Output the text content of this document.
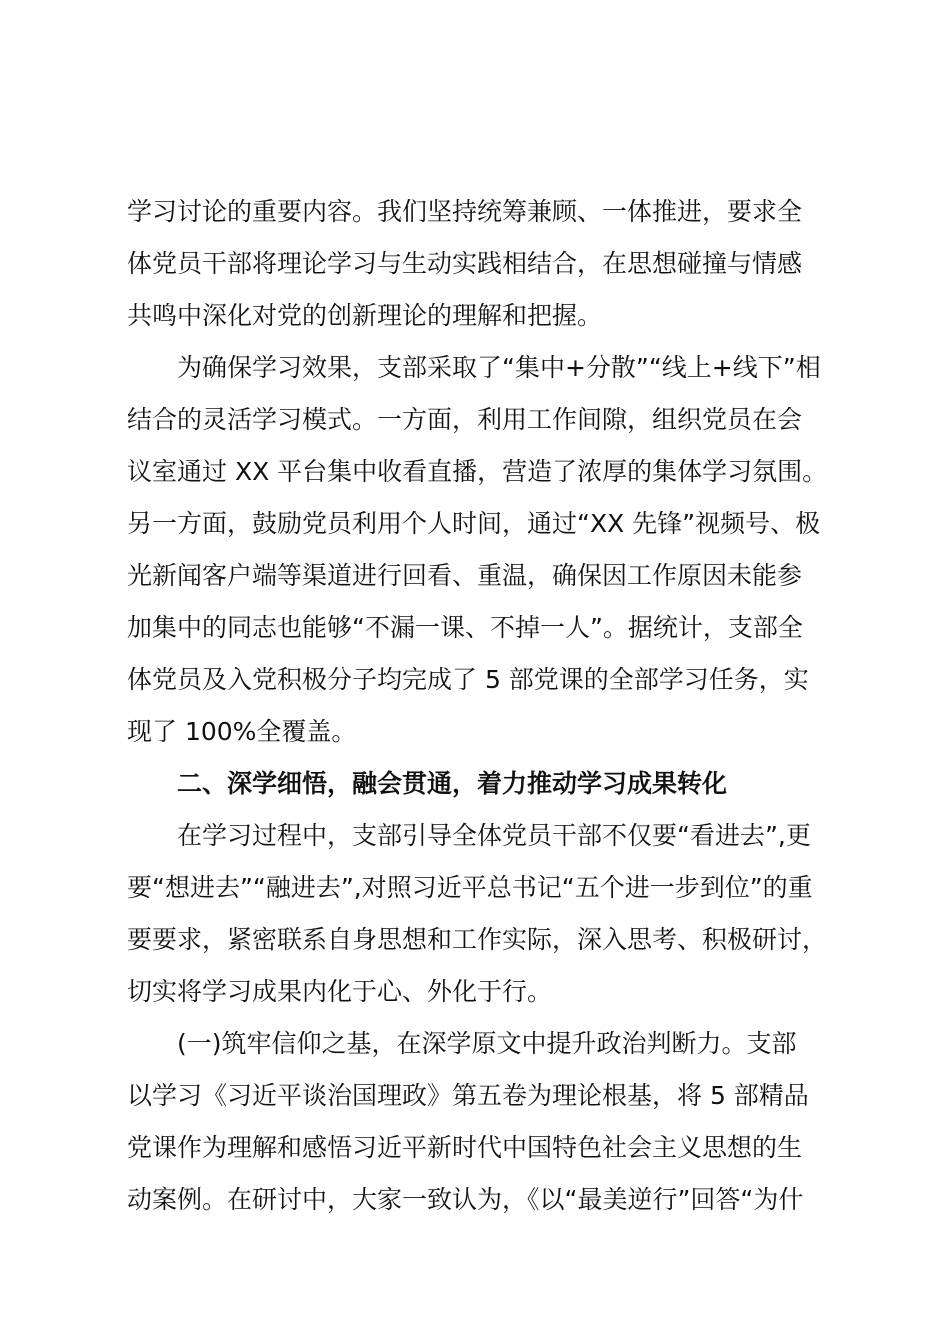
学习讨论的重要内容。我们坚持统筹兼顾、一体推进，要求全
体党员干部将理论学习与生动实践相结合，在思想碰撞与情感
共鸣中深化对党的创新理论的理解和把握。

为确保学习效果，支部采取了“集中+分散”“线上+线下”相
结合的灵活学习模式。一方面，利用工作间隙，组织党员在会
议室通过 XX 平台集中收看直播，营造了浓厚的集体学习氛围。
另一方面，鼓励党员利用个人时间，通过“XX 先锋”视频号、极
光新闻客户端等渠道进行回看、重温，确保因工作原因未能参
加集中的同志也能够“不漏一课、不掉一人”。据统计，支部全
体党员及入党积极分子均完成了 5 部党课的全部学习任务，实
现了 100%全覆盖。

二、深学细悟，融会贯通，着力推动学习成果转化

在学习过程中，支部引导全体党员干部不仅要“看进去”,更
要“想进去”“融进去”,对照习近平总书记“五个进一步到位”的重
要要求，紧密联系自身思想和工作实际，深入思考、积极研讨，
切实将学习成果内化于心、外化于行。

(一)筑牢信仰之基，在深学原文中提升政治判断力。支部
以学习《习近平谈治国理政》第五卷为理论根基，将 5 部精品
党课作为理解和感悟习近平新时代中国特色社会主义思想的生
动案例。在研讨中，大家一致认为，《以“最美逆行”回答“为什
